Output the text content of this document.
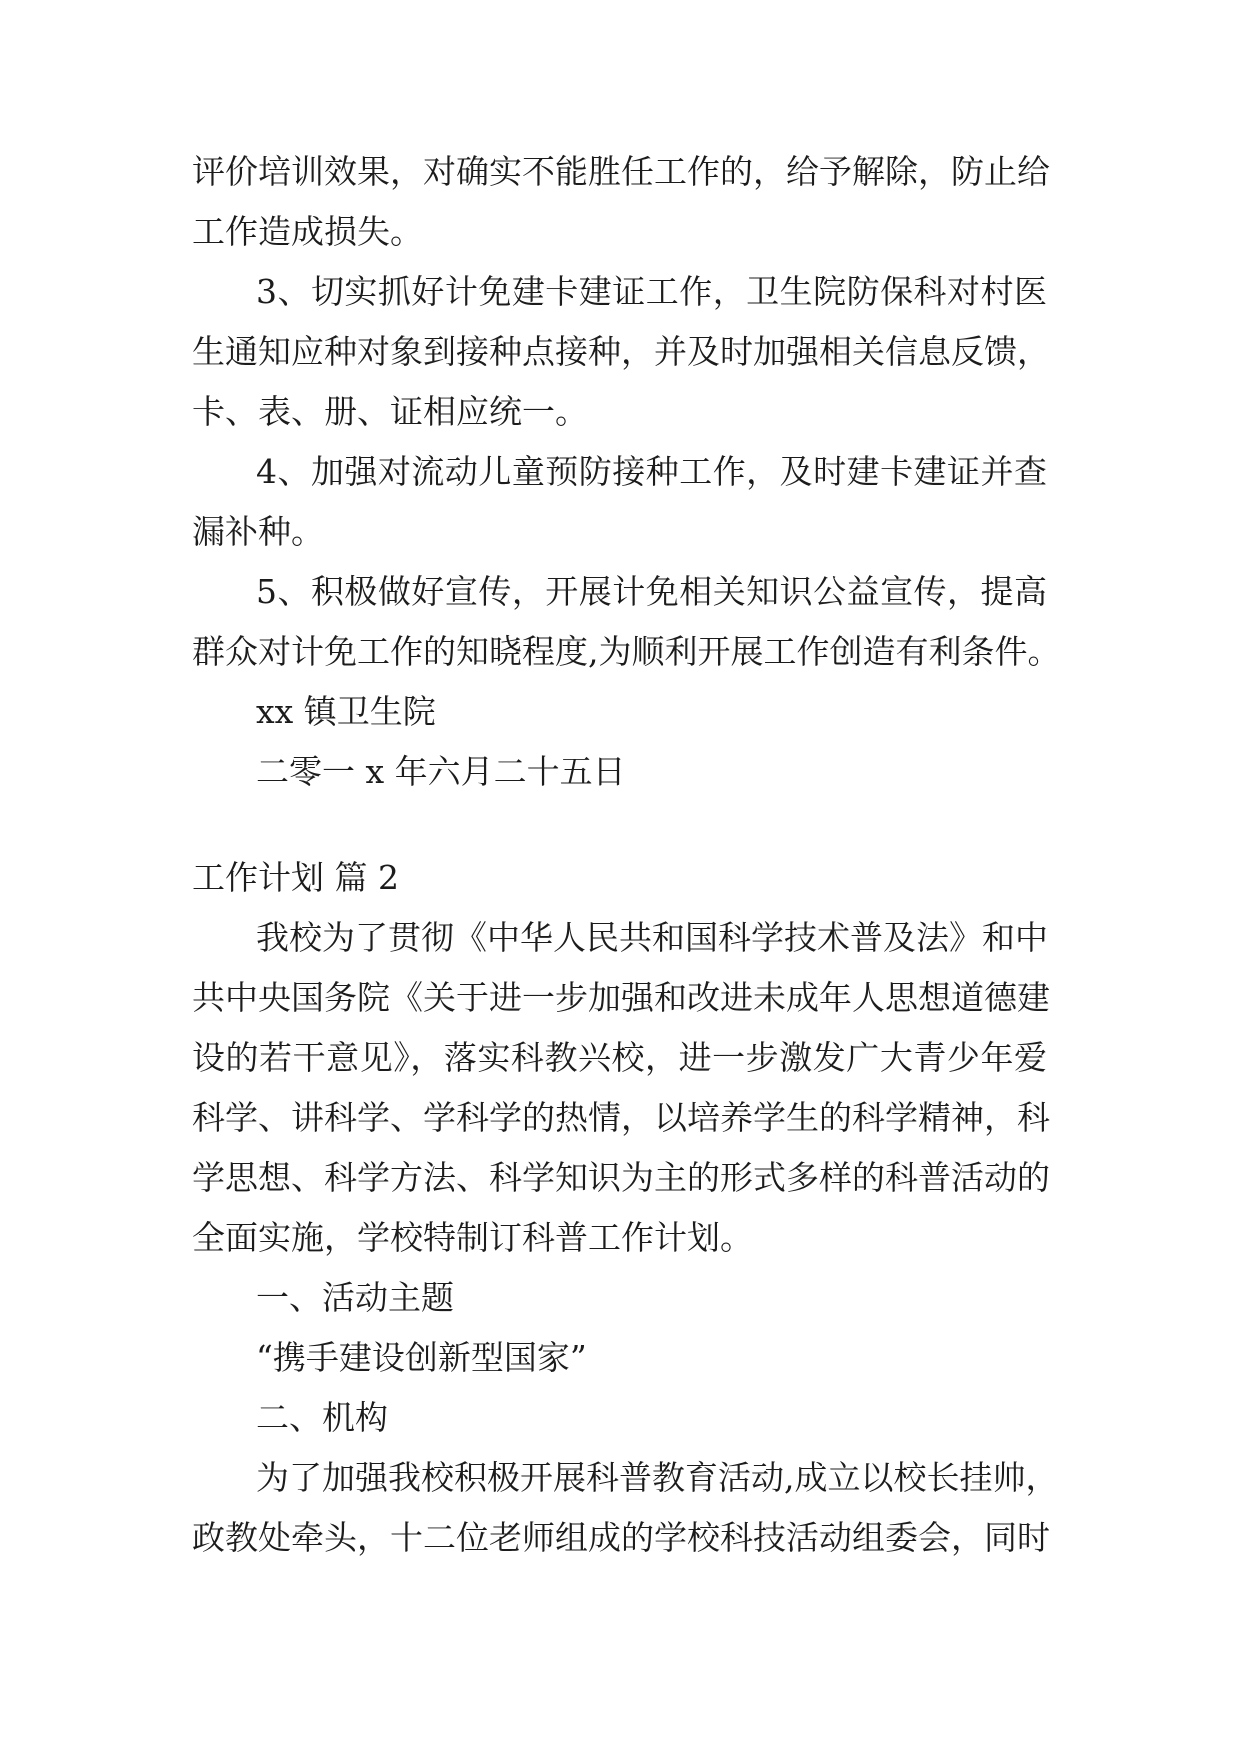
评价培训效果，对确实不能胜任工作的，给予解除，防止给
工作造成损失。
3、切实抓好计免建卡建证工作，卫生院防保科对村医
生通知应种对象到接种点接种，并及时加强相关信息反馈，
卡、表、册、证相应统一。
4、加强对流动儿童预防接种工作，及时建卡建证并查
漏补种。
5、积极做好宣传，开展计免相关知识公益宣传，提高
群众对计免工作的知晓程度,为顺利开展工作创造有利条件。
xx 镇卫生院
二零一 x 年六月二十五日
工作计划 篇 2
我校为了贯彻《中华人民共和国科学技术普及法》和中
共中央国务院《关于进一步加强和改进未成年人思想道德建
设的若干意见》，落实科教兴校，进一步激发广大青少年爱
科学、讲科学、学科学的热情，以培养学生的科学精神，科
学思想、科学方法、科学知识为主的形式多样的科普活动的
全面实施，学校特制订科普工作计划。
一、活动主题
“携手建设创新型国家”
二、机构
为了加强我校积极开展科普教育活动,成立以校长挂帅，
政教处牵头，十二位老师组成的学校科技活动组委会，同时
